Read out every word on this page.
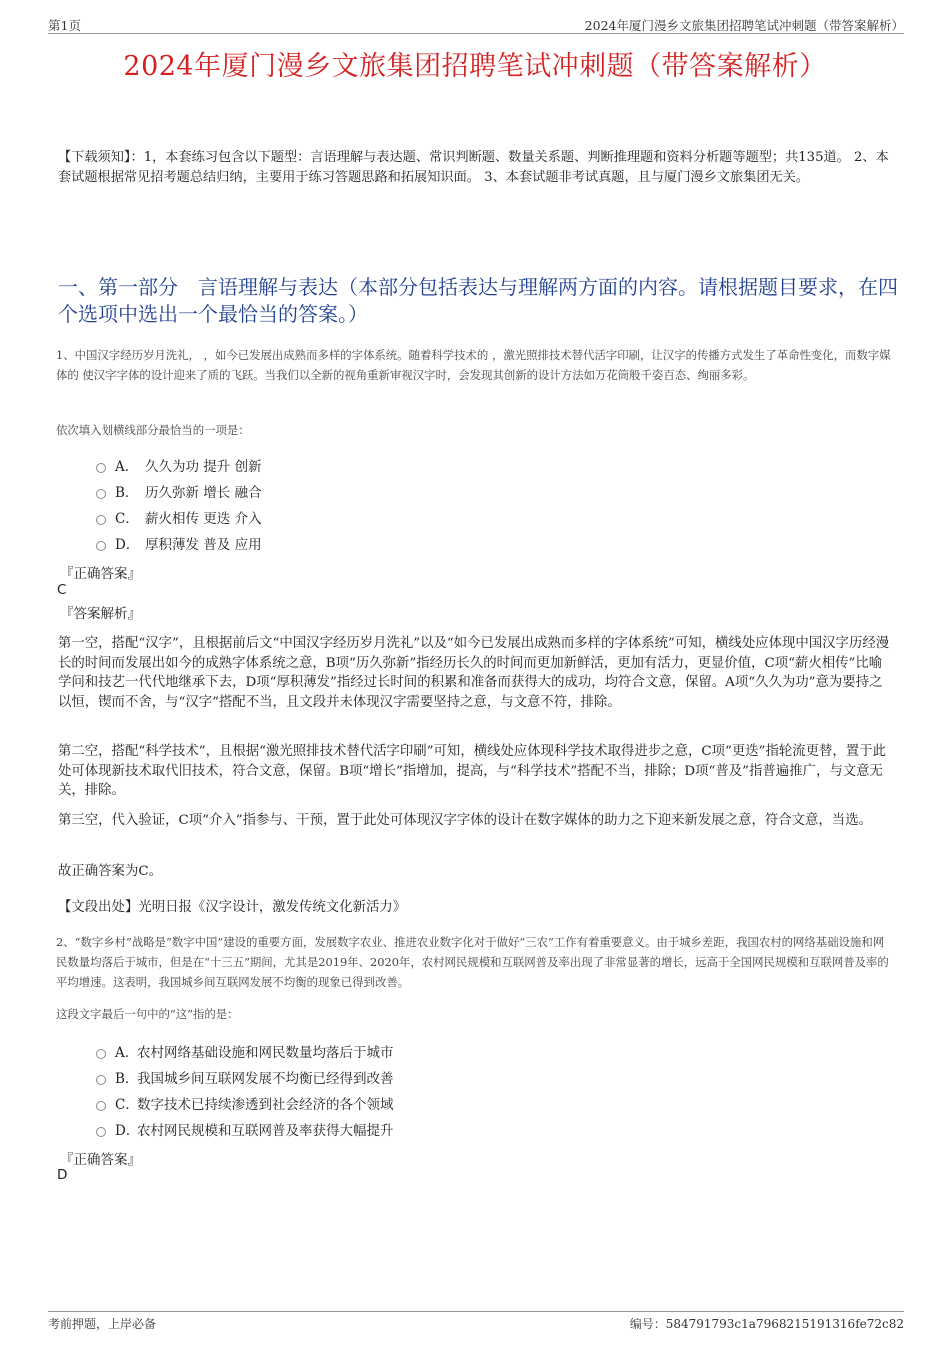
第1页	2024年厦门漫乡文旅集团招聘笔试冲刺题（带答案解析）
2024年厦门漫乡文旅集团招聘笔试冲刺题（带答案解析）
【下载须知】：1，本套练习包含以下题型：言语理解与表达题、常识判断题、数量关系题、判断推理题和资料分析题等题型；共135道。 2、本套试题根据常见招考题总结归纳，主要用于练习答题思路和拓展知识面。 3、本套试题非考试真题，且与厦门漫乡文旅集团无关。
一、第一部分　言语理解与表达（本部分包括表达与理解两方面的内容。请根据题目要求，在四个选项中选出一个最恰当的答案。）
1、中国汉字经历岁月洗礼， ，如今已发展出成熟而多样的字体系统。随着科学技术的 ，激光照排技术替代活字印刷，让汉字的传播方式发生了革命性变化，而数字媒体的 使汉字字体的设计迎来了质的飞跃。当我们以全新的视角重新审视汉字时，会发现其创新的设计方法如万花筒般千姿百态、绚丽多彩。
依次填入划横线部分最恰当的一项是：
A． 久久为功 提升 创新
B． 历久弥新 增长 融合
C． 薪火相传 更迭 介入
D． 厚积薄发 普及 应用
『正确答案』
C
『答案解析』
第一空，搭配“汉字”，且根据前后文“中国汉字经历岁月洗礼”以及“如今已发展出成熟而多样的字体系统”可知，横线处应体现中国汉字历经漫长的时间而发展出如今的成熟字体系统之意，B项“历久弥新”指经历长久的时间而更加新鲜活，更加有活力，更显价值，C项“薪火相传”比喻学问和技艺一代代地继承下去，D项“厚积薄发”指经过长时间的积累和准备而获得大的成功，均符合文意，保留。A项“久久为功”意为要持之以恒，锲而不舍，与“汉字”搭配不当，且文段并未体现汉字需要坚持之意，与文意不符，排除。
第二空，搭配“科学技术”，且根据“激光照排技术替代活字印刷”可知，横线处应体现科学技术取得进步之意，C项“更迭”指轮流更替，置于此处可体现新技术取代旧技术，符合文意，保留。B项“增长”指增加，提高，与“科学技术”搭配不当，排除；D项“普及”指普遍推广，与文意无关，排除。
第三空，代入验证，C项“介入”指参与、干预，置于此处可体现汉字字体的设计在数字媒体的助力之下迎来新发展之意，符合文意，当选。
故正确答案为C。
【文段出处】光明日报《汉字设计，激发传统文化新活力》
2、“数字乡村”战略是“数字中国”建设的重要方面，发展数字农业、推进农业数字化对于做好“三农”工作有着重要意义。由于城乡差距，我国农村的网络基础设施和网民数量均落后于城市，但是在“十三五”期间，尤其是2019年、2020年，农村网民规模和互联网普及率出现了非常显著的增长，远高于全国网民规模和互联网普及率的平均增速。这表明，我国城乡间互联网发展不均衡的现象已得到改善。
这段文字最后一句中的“这”指的是：
A．
农村网络基础设施和网民数量均落后于城市
B．
我国城乡间互联网发展不均衡已经得到改善
C．
数字技术已持续渗透到社会经济的各个领域
D．
农村网民规模和互联网普及率获得大幅提升
『正确答案』
D
考前押题，上岸必备	编号：584791793c1a7968215191316fe72c82
